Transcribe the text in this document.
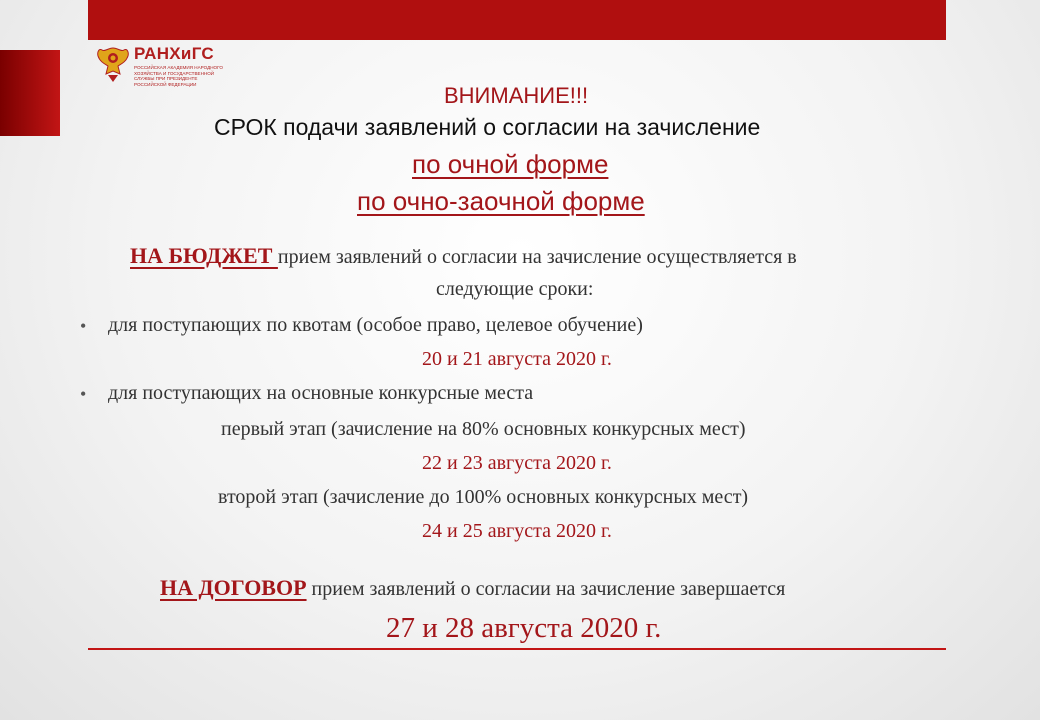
РАНХиГС
РОССИЙСКАЯ АКАДЕМИЯ НАРОДНОГО ХОЗЯЙСТВА И ГОСУДАРСТВЕННОЙ СЛУЖБЫ ПРИ ПРЕЗИДЕНТЕ РОССИЙСКОЙ ФЕДЕРАЦИИ	ВНИМАНИЕ!!!
СРОК подачи заявлений о согласии на зачисление
по очной форме
по очно-заочной форме
НА БЮДЖЕТ прием заявлений о согласии на зачисление осуществляется в
следующие сроки:
• для поступающих по квотам (особое право, целевое обучение)
20 и 21 августа 2020 г.
• для поступающих на основные конкурсные места
первый этап (зачисление на 80% основных конкурсных мест)
22 и 23 августа 2020 г.
второй этап (зачисление до 100% основных конкурсных мест)
24 и 25 августа 2020 г.
НА ДОГОВОР прием заявлений о согласии на зачисление завершается
27 и 28 августа 2020 г.
